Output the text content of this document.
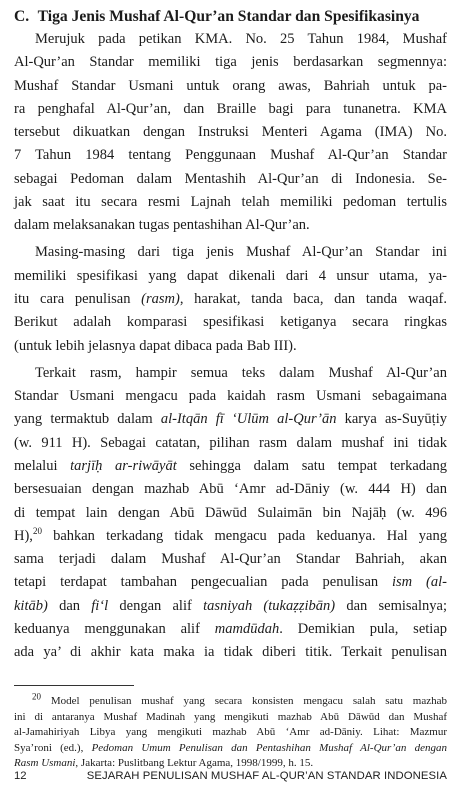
C. Tiga Jenis Mushaf Al-Qur’an Standar dan Spesifikasinya
Merujuk pada petikan KMA. No. 25 Tahun 1984, Mushaf
Al-Qur’an Standar memiliki tiga jenis berdasarkan segmennya:
Mushaf Standar Usmani untuk orang awas, Bahriah untuk pa-
ra penghafal Al-Qur’an, dan Braille bagi para tunanetra. KMA
tersebut dikuatkan dengan Instruksi Menteri Agama (IMA) No.
7 Tahun 1984 tentang Penggunaan Mushaf Al-Qur’an Standar
sebagai Pedoman dalam Mentashih Al-Qur’an di Indonesia. Se-
jak saat itu secara resmi Lajnah telah memiliki pedoman tertulis
dalam melaksanakan tugas pentashihan Al-Qur’an.
Masing-masing dari tiga jenis Mushaf Al-Qur’an Standar ini
memiliki spesifikasi yang dapat dikenali dari 4 unsur utama, ya-
itu cara penulisan (rasm), harakat, tanda baca, dan tanda waqaf.
Berikut adalah komparasi spesifikasi ketiganya secara ringkas
(untuk lebih jelasnya dapat dibaca pada Bab III).
Terkait rasm, hampir semua teks dalam Mushaf Al-Qur’an
Standar Usmani mengacu pada kaidah rasm Usmani sebagaimana
yang termaktub dalam al-Itqān fī ‘Ulūm al-Qur’ān karya as-Suyūṭiy
(w. 911 H). Sebagai catatan, pilihan rasm dalam mushaf ini tidak
melalui tarjīḥ ar-riwāyāt sehingga dalam satu tempat terkadang
bersesuaian dengan mazhab Abū ‘Amr ad-Dāniy (w. 444 H) dan
di tempat lain dengan Abū Dāwūd Sulaimān bin Najāḥ (w. 496
H),$^{20}$ bahkan terkadang tidak mengacu pada keduanya. Hal yang
sama terjadi dalam Mushaf Al-Qur’an Standar Bahriah, akan
tetapi terdapat tambahan pengecualian pada penulisan ism (al-
kitāb) dan fi‘l dengan alif tasniyah (tukaẓẓibān) dan semisalnya;
keduanya menggunakan alif mamdūdah. Demikian pula, setiap
ada ya’ di akhir kata maka ia tidak diberi titik. Terkait penulisan
$^{20}$ Model penulisan mushaf yang secara konsisten mengacu salah satu mazhab
ini di antaranya Mushaf Madinah yang mengikuti mazhab Abū Dāwūd dan Mushaf
al-Jamahiriyah Libya yang mengikuti mazhab Abū ‘Amr ad-Dāniy. Lihat: Mazmur
Sya’roni (ed.), Pedoman Umum Penulisan dan Pentashihan Mushaf Al-Qur’an dengan
Rasm Usmani, Jakarta: Puslitbang Lektur Agama, 1998/1999, h. 15.
12	SEJARAH PENULISAN MUSHAF AL-QUR’AN STANDAR INDONESIA
